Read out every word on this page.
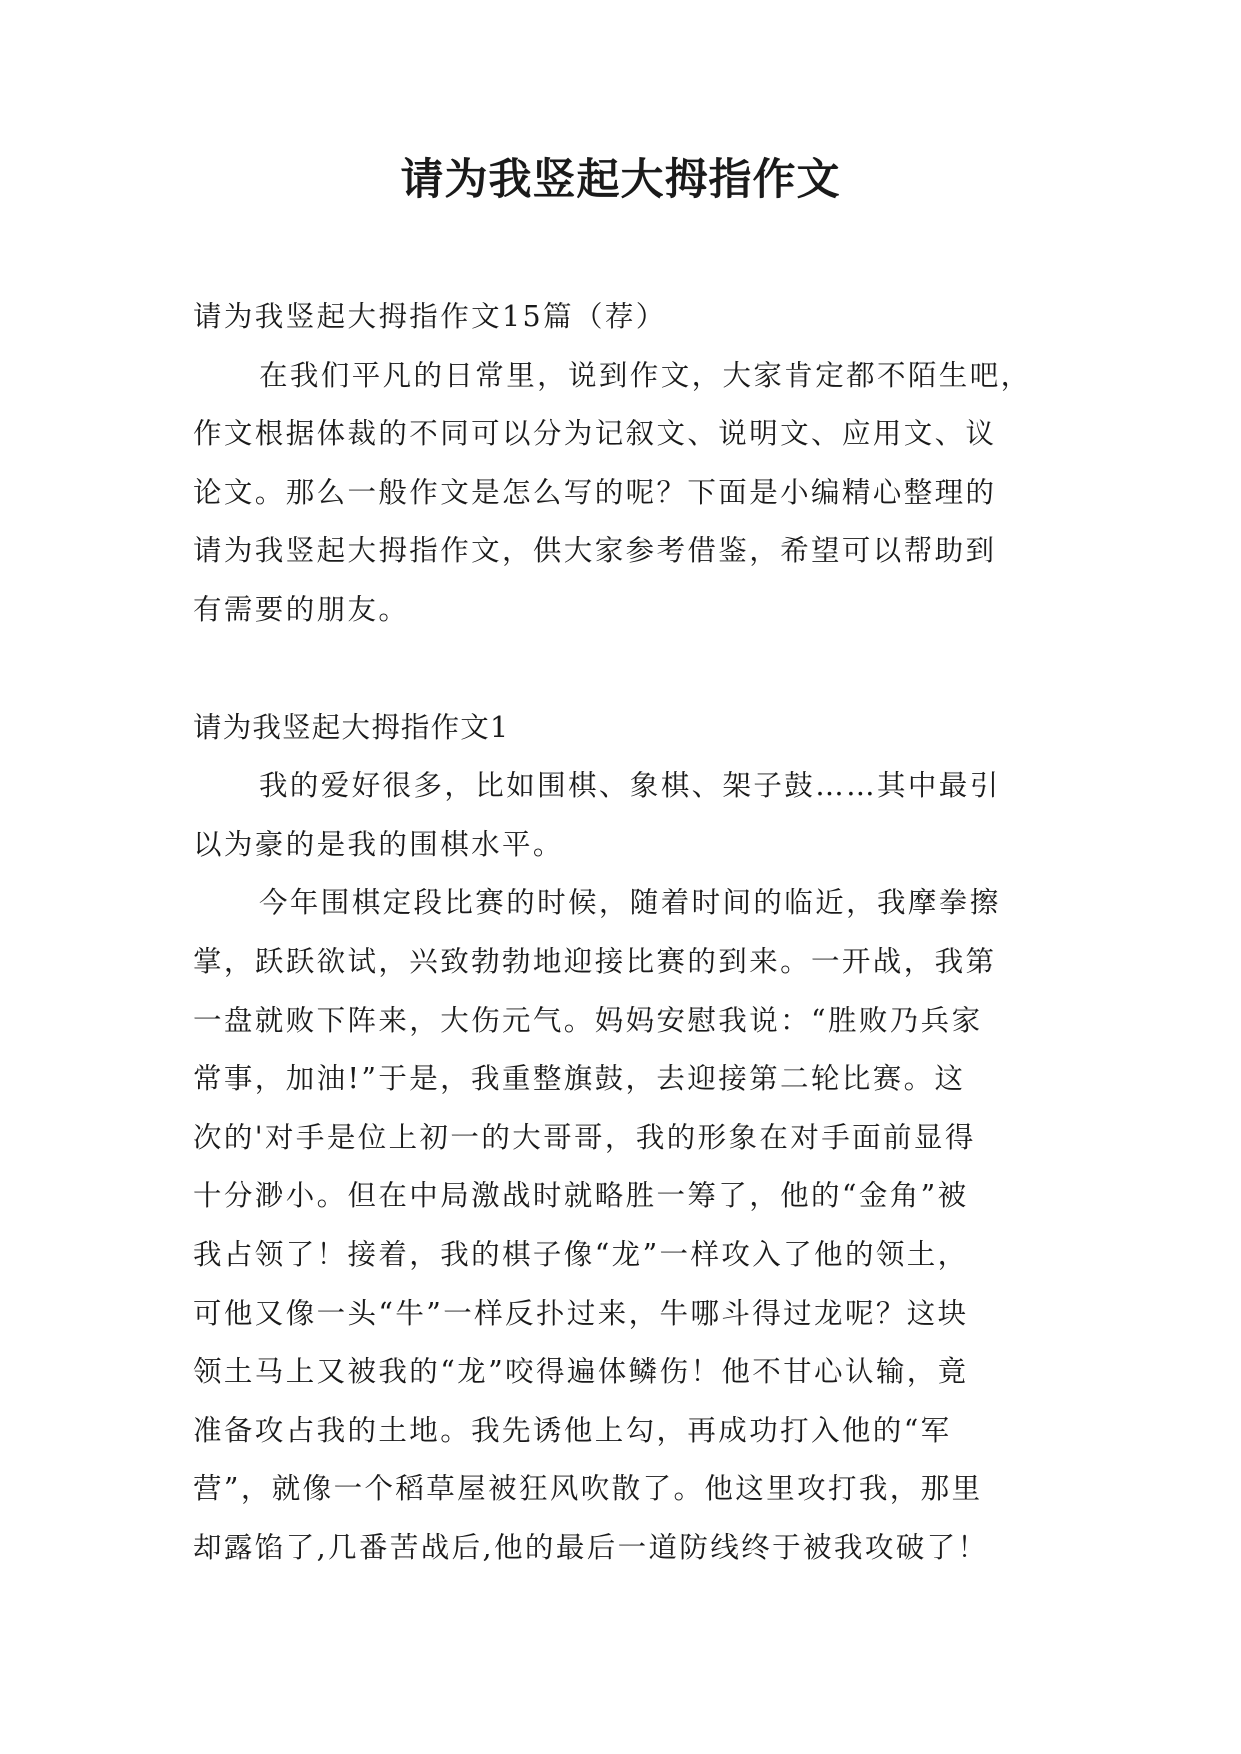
请为我竖起大拇指作文

请为我竖起大拇指作文15篇（荐）

在我们平凡的日常里，说到作文，大家肯定都不陌生吧，

作文根据体裁的不同可以分为记叙文、说明文、应用文、议

论文。那么一般作文是怎么写的呢？下面是小编精心整理的

请为我竖起大拇指作文，供大家参考借鉴，希望可以帮助到

有需要的朋友。

请为我竖起大拇指作文1

我的爱好很多，比如围棋、象棋、架子鼓……其中最引

以为豪的是我的围棋水平。

今年围棋定段比赛的时候，随着时间的临近，我摩拳擦

掌，跃跃欲试，兴致勃勃地迎接比赛的到来。一开战，我第

一盘就败下阵来，大伤元气。妈妈安慰我说：“胜败乃兵家

常事，加油!”于是，我重整旗鼓，去迎接第二轮比赛。这

次的'对手是位上初一的大哥哥，我的形象在对手面前显得

十分渺小。但在中局激战时就略胜一筹了，他的“金角”被

我占领了！接着，我的棋子像“龙”一样攻入了他的领土，

可他又像一头“牛”一样反扑过来，牛哪斗得过龙呢？这块

领土马上又被我的“龙”咬得遍体鳞伤！他不甘心认输，竟

准备攻占我的土地。我先诱他上勾，再成功打入他的“军

营”，就像一个稻草屋被狂风吹散了。他这里攻打我，那里

却露馅了,几番苦战后,他的最后一道防线终于被我攻破了！
